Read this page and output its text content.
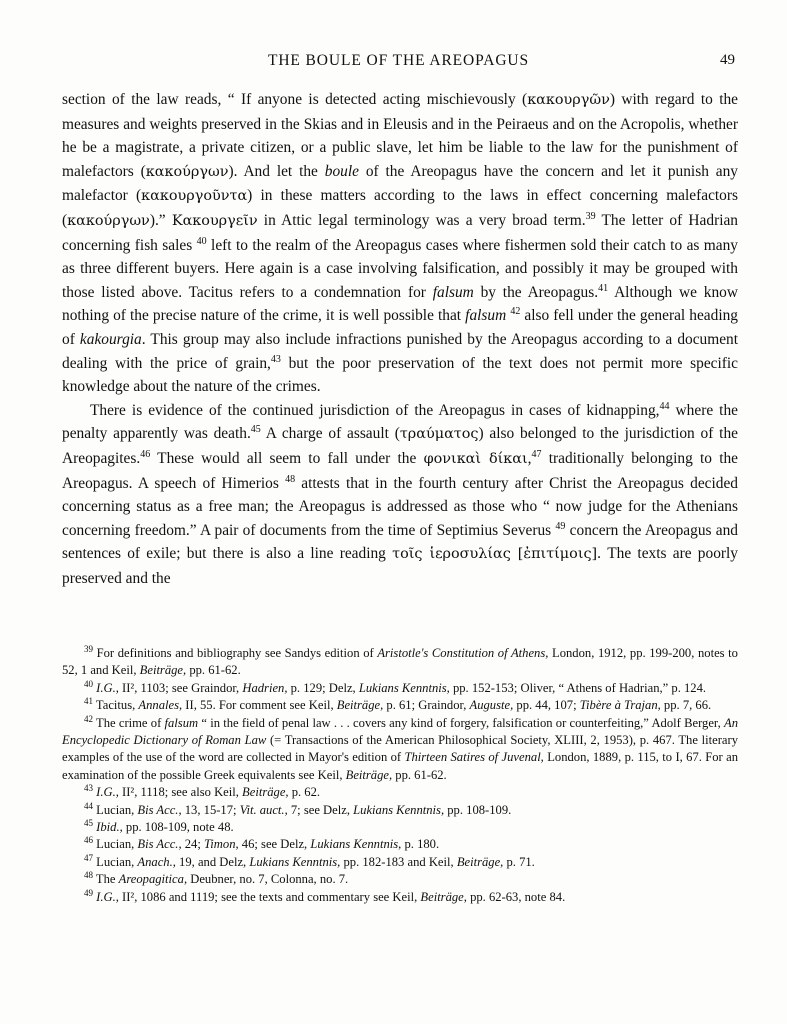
THE BOULE OF THE AREOPAGUS	49

section of the law reads, “ If anyone is detected acting mischievously (κακουργῶν) with regard to the measures and weights preserved in the Skias and in Eleusis and in the Peiraeus and on the Acropolis, whether he be a magistrate, a private citizen, or a public slave, let him be liable to the law for the punishment of malefactors (κακούργων). And let the boule of the Areopagus have the concern and let it punish any malefactor (κακουργοῦντα) in these matters according to the laws in effect concerning malefactors (κακούργων).” Κακουργεῖν in Attic legal terminology was a very broad term.$^{39}$ The letter of Hadrian concerning fish sales $^{40}$ left to the realm of the Areopagus cases where fishermen sold their catch to as many as three different buyers. Here again is a case involving falsification, and possibly it may be grouped with those listed above. Tacitus refers to a condemnation for falsum by the Areopagus.$^{41}$ Although we know nothing of the precise nature of the crime, it is well possible that falsum $^{42}$ also fell under the general heading of kakourgia. This group may also include infractions punished by the Areopagus according to a document dealing with the price of grain,$^{43}$ but the poor preservation of the text does not permit more specific knowledge about the nature of the crimes.

There is evidence of the continued jurisdiction of the Areopagus in cases of kidnapping,$^{44}$ where the penalty apparently was death.$^{45}$ A charge of assault (τραύματος) also belonged to the jurisdiction of the Areopagites.$^{46}$ These would all seem to fall under the φονικαὶ δίκαι,$^{47}$ traditionally belonging to the Areopagus. A speech of Himerios $^{48}$ attests that in the fourth century after Christ the Areopagus decided concerning status as a free man; the Areopagus is addressed as those who “ now judge for the Athenians concerning freedom.” A pair of documents from the time of Septimius Severus $^{49}$ concern the Areopagus and sentences of exile; but there is also a line reading τοῖς ἱεροσυλίας [ἐπιτίμοις]. The texts are poorly preserved and the

$^{39}$ For definitions and bibliography see Sandys edition of Aristotle's Constitution of Athens, London, 1912, pp. 199-200, notes to 52, 1 and Keil, Beiträge, pp. 61-62.

$^{40}$ I.G., II², 1103; see Graindor, Hadrien, p. 129; Delz, Lukians Kenntnis, pp. 152-153; Oliver, “ Athens of Hadrian,” p. 124.

$^{41}$ Tacitus, Annales, II, 55. For comment see Keil, Beiträge, p. 61; Graindor, Auguste, pp. 44, 107; Tibère à Trajan, pp. 7, 66.

$^{42}$ The crime of falsum “ in the field of penal law . . . covers any kind of forgery, falsification or counterfeiting,” Adolf Berger, An Encyclopedic Dictionary of Roman Law (= Transactions of the American Philosophical Society, XLIII, 2, 1953), p. 467. The literary examples of the use of the word are collected in Mayor's edition of Thirteen Satires of Juvenal, London, 1889, p. 115, to I, 67. For an examination of the possible Greek equivalents see Keil, Beiträge, pp. 61-62.

$^{43}$ I.G., II², 1118; see also Keil, Beiträge, p. 62.

$^{44}$ Lucian, Bis Acc., 13, 15-17; Vit. auct., 7; see Delz, Lukians Kenntnis, pp. 108-109.

$^{45}$ Ibid., pp. 108-109, note 48.

$^{46}$ Lucian, Bis Acc., 24; Timon, 46; see Delz, Lukians Kenntnis, p. 180.

$^{47}$ Lucian, Anach., 19, and Delz, Lukians Kenntnis, pp. 182-183 and Keil, Beiträge, p. 71.

$^{48}$ The Areopagitica, Deubner, no. 7, Colonna, no. 7.

$^{49}$ I.G., II², 1086 and 1119; see the texts and commentary see Keil, Beiträge, pp. 62-63, note 84.
